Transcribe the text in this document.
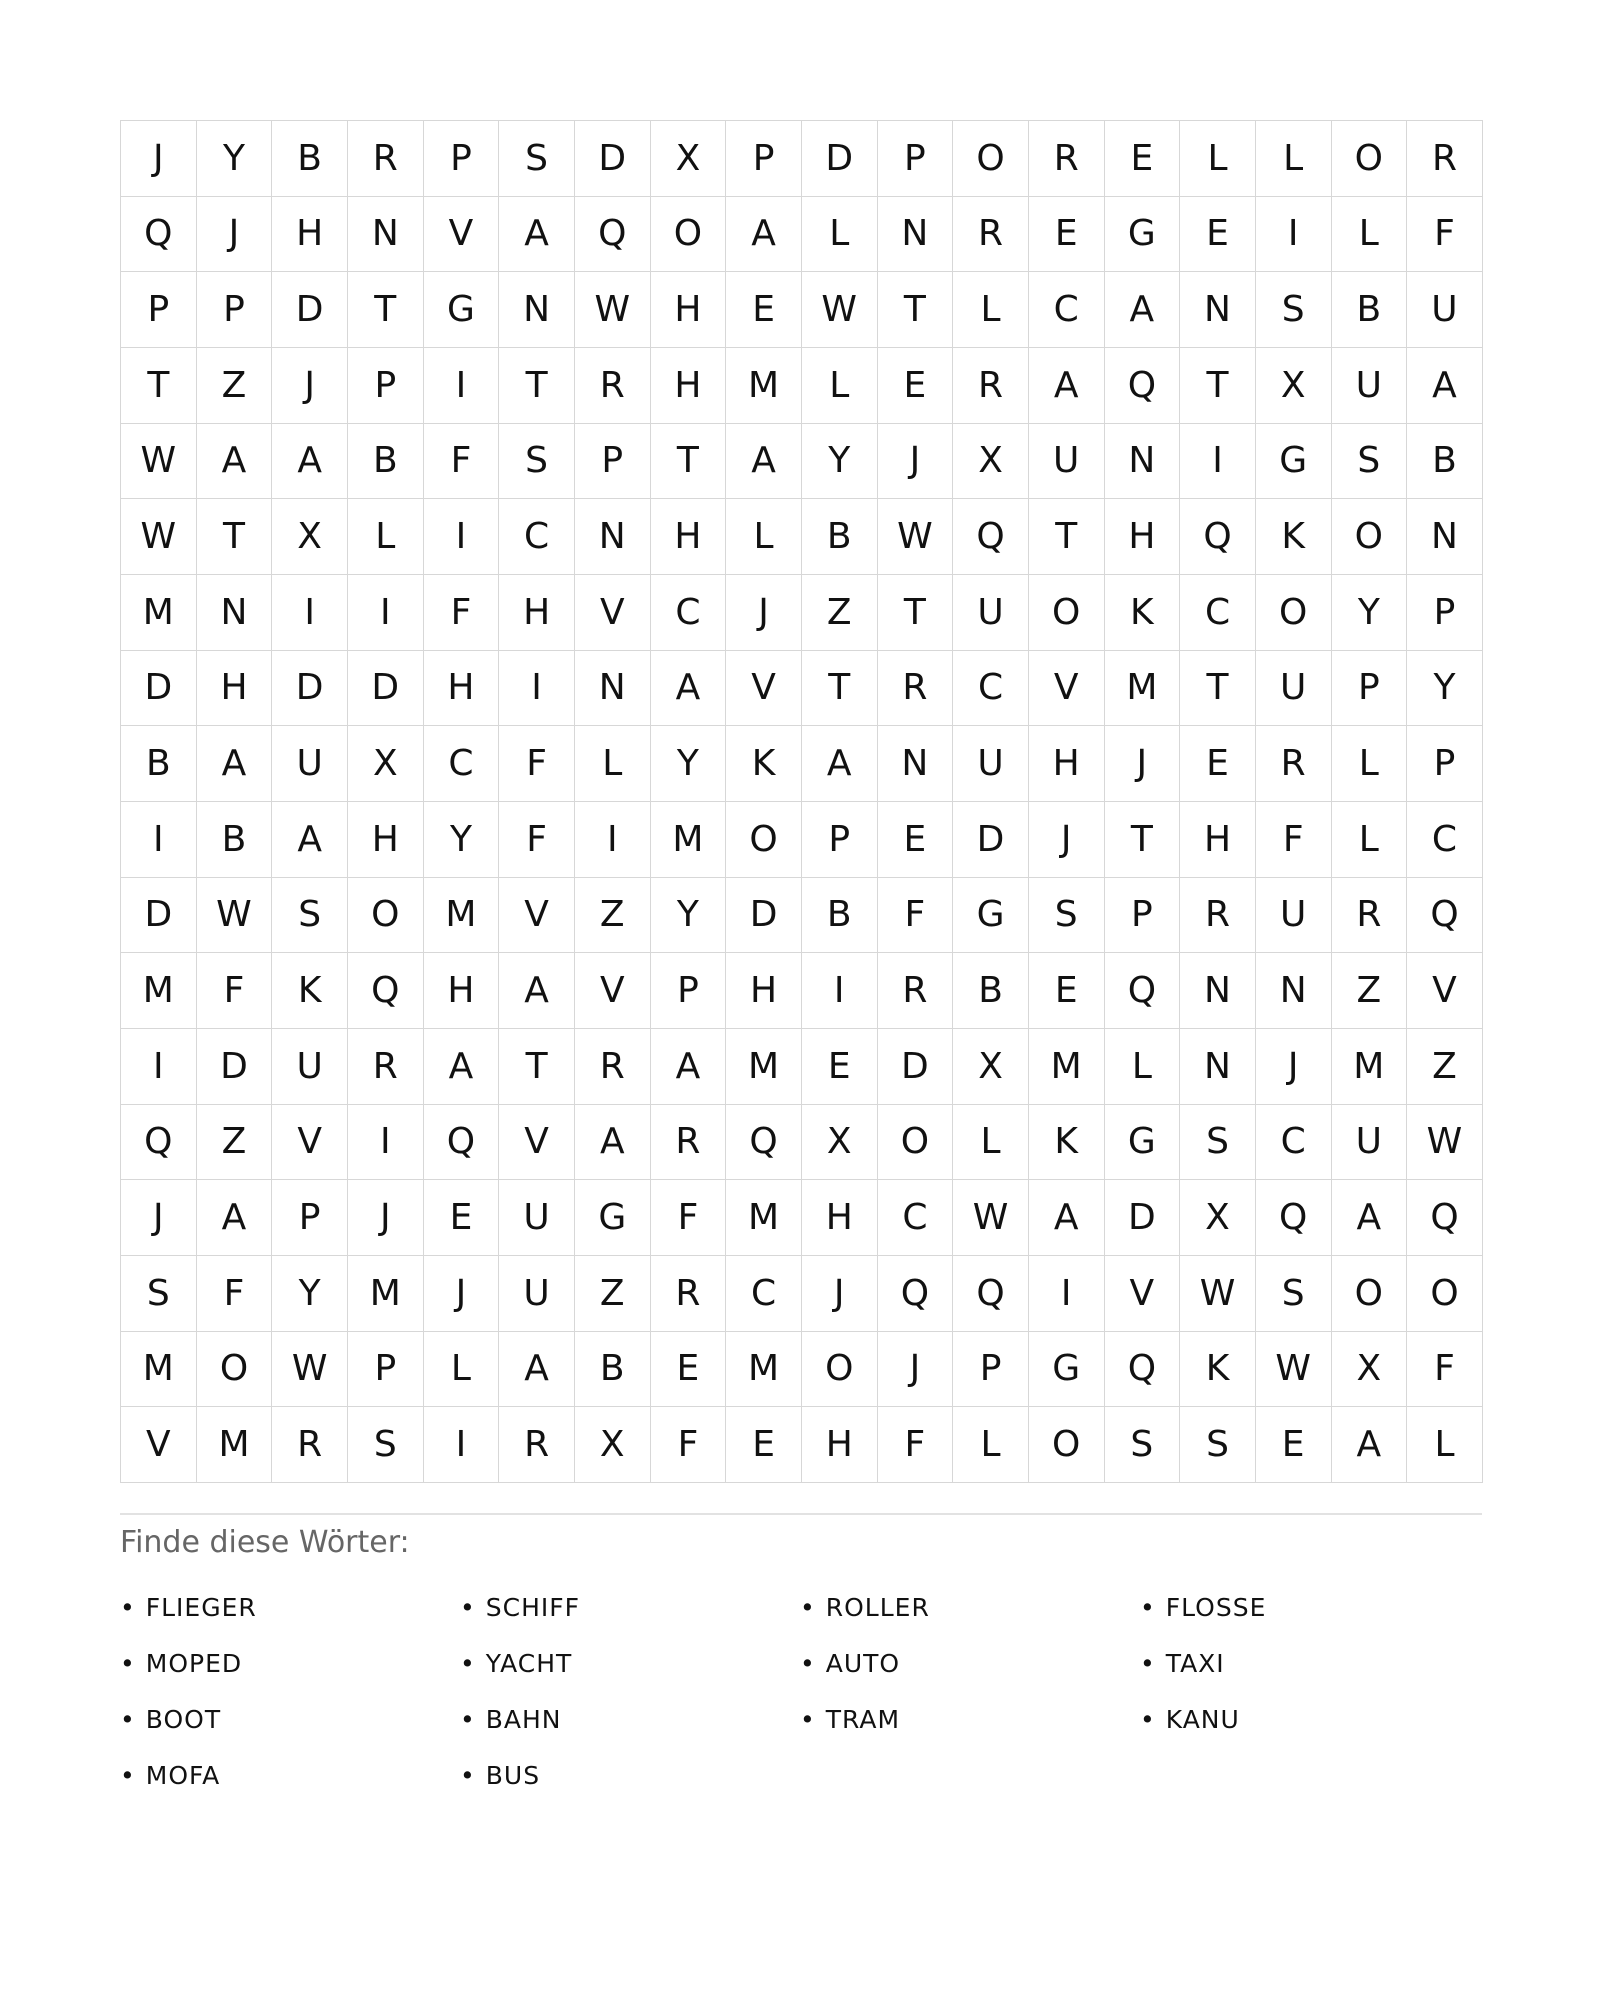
J	Y	B	R	P	S	D	X	P	D	P	O	R	E	L	L	O	R
Q	J	H	N	V	A	Q	O	A	L	N	R	E	G	E	I	L	F
P	P	D	T	G	N	W	H	E	W	T	L	C	A	N	S	B	U
T	Z	J	P	I	T	R	H	M	L	E	R	A	Q	T	X	U	A
W	A	A	B	F	S	P	T	A	Y	J	X	U	N	I	G	S	B
W	T	X	L	I	C	N	H	L	B	W	Q	T	H	Q	K	O	N
M	N	I	I	F	H	V	C	J	Z	T	U	O	K	C	O	Y	P
D	H	D	D	H	I	N	A	V	T	R	C	V	M	T	U	P	Y
B	A	U	X	C	F	L	Y	K	A	N	U	H	J	E	R	L	P
I	B	A	H	Y	F	I	M	O	P	E	D	J	T	H	F	L	C
D	W	S	O	M	V	Z	Y	D	B	F	G	S	P	R	U	R	Q
M	F	K	Q	H	A	V	P	H	I	R	B	E	Q	N	N	Z	V
I	D	U	R	A	T	R	A	M	E	D	X	M	L	N	J	M	Z
Q	Z	V	I	Q	V	A	R	Q	X	O	L	K	G	S	C	U	W
J	A	P	J	E	U	G	F	M	H	C	W	A	D	X	Q	A	Q
S	F	Y	M	J	U	Z	R	C	J	Q	Q	I	V	W	S	O	O
M	O	W	P	L	A	B	E	M	O	J	P	G	Q	K	W	X	F
V	M	R	S	I	R	X	F	E	H	F	L	O	S	S	E	A	L
Finde diese Wörter:
• FLIEGER	• SCHIFF	• ROLLER	• FLOSSE
• MOPED	• YACHT	• AUTO	• TAXI
• BOOT	• BAHN	• TRAM	• KANU
• MOFA	• BUS
